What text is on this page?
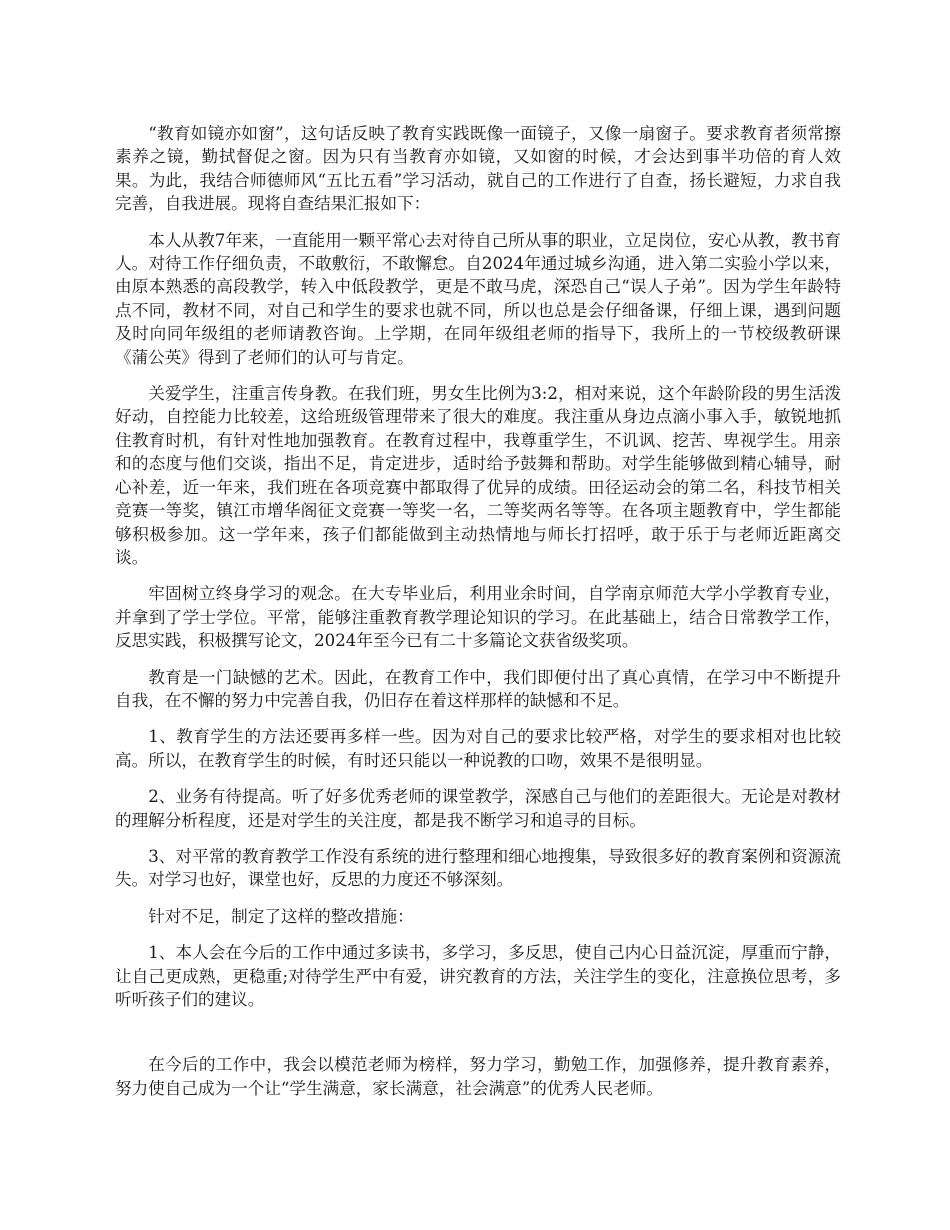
“教育如镜亦如窗”，这句话反映了教育实践既像一面镜子，又像一扇窗子。要求教育者须常擦素养之镜，勤拭督促之窗。因为只有当教育亦如镜，又如窗的时候，才会达到事半功倍的育人效果。为此，我结合师德师风“五比五看”学习活动，就自己的工作进行了自查，扬长避短，力求自我完善，自我进展。现将自查结果汇报如下：

本人从教7年来，一直能用一颗平常心去对待自己所从事的职业，立足岗位，安心从教，教书育人。对待工作仔细负责，不敢敷衍，不敢懈怠。自2024年通过城乡沟通，进入第二实验小学以来，由原本熟悉的高段教学，转入中低段教学，更是不敢马虎，深恐自己“误人子弟”。因为学生年龄特点不同，教材不同，对自己和学生的要求也就不同，所以也总是会仔细备课，仔细上课，遇到问题及时向同年级组的老师请教咨询。上学期，在同年级组老师的指导下，我所上的一节校级教研课《蒲公英》得到了老师们的认可与肯定。

关爱学生，注重言传身教。在我们班，男女生比例为3:2，相对来说，这个年龄阶段的男生活泼好动，自控能力比较差，这给班级管理带来了很大的难度。我注重从身边点滴小事入手，敏锐地抓住教育时机，有针对性地加强教育。在教育过程中，我尊重学生，不讥讽、挖苦、卑视学生。用亲和的态度与他们交谈，指出不足，肯定进步，适时给予鼓舞和帮助。对学生能够做到精心辅导，耐心补差，近一年来，我们班在各项竞赛中都取得了优异的成绩。田径运动会的第二名，科技节相关竞赛一等奖，镇江市增华阁征文竞赛一等奖一名，二等奖两名等等。在各项主题教育中，学生都能够积极参加。这一学年来，孩子们都能做到主动热情地与师长打招呼，敢于乐于与老师近距离交谈。

牢固树立终身学习的观念。在大专毕业后，利用业余时间，自学南京师范大学小学教育专业，并拿到了学士学位。平常，能够注重教育教学理论知识的学习。在此基础上，结合日常教学工作，反思实践，积极撰写论文，2024年至今已有二十多篇论文获省级奖项。

教育是一门缺憾的艺术。因此，在教育工作中，我们即便付出了真心真情，在学习中不断提升自我，在不懈的努力中完善自我，仍旧存在着这样那样的缺憾和不足。

1、教育学生的方法还要再多样一些。因为对自己的要求比较严格，对学生的要求相对也比较高。所以，在教育学生的时候，有时还只能以一种说教的口吻，效果不是很明显。

2、业务有待提高。听了好多优秀老师的课堂教学，深感自己与他们的差距很大。无论是对教材的理解分析程度，还是对学生的关注度，都是我不断学习和追寻的目标。

3、对平常的教育教学工作没有系统的进行整理和细心地搜集，导致很多好的教育案例和资源流失。对学习也好，课堂也好，反思的力度还不够深刻。

针对不足，制定了这样的整改措施：

1、本人会在今后的工作中通过多读书，多学习，多反思，使自己内心日益沉淀，厚重而宁静，让自己更成熟，更稳重;对待学生严中有爱，讲究教育的方法，关注学生的变化，注意换位思考，多听听孩子们的建议。

在今后的工作中，我会以模范老师为榜样，努力学习，勤勉工作，加强修养，提升教育素养，努力使自己成为一个让“学生满意，家长满意，社会满意”的优秀人民老师。
